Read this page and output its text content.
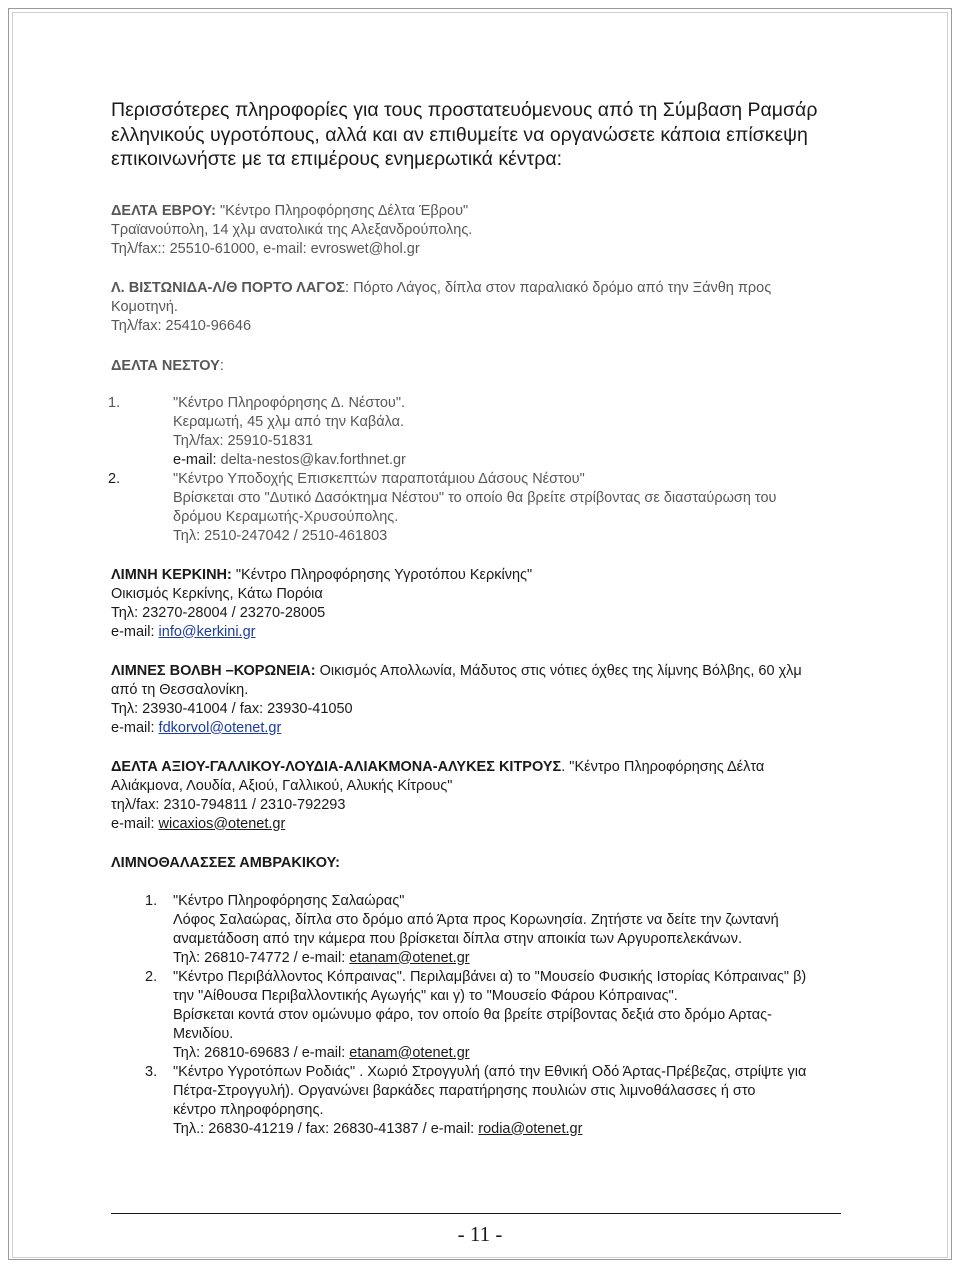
Περισσότερες πληροφορίες για τους προστατευόμενους από τη Σύμβαση Ραμσάρ
ελληνικούς υγροτόπους, αλλά και αν επιθυμείτε να οργανώσετε κάποια επίσκεψη
επικοινωνήστε με τα επιμέρους ενημερωτικά κέντρα:

ΔΕΛΤΑ ΕΒΡΟΥ: "Κέντρο Πληροφόρησης Δέλτα Έβρου"

Τραϊανούπολη, 14 χλμ ανατολικά της Αλεξανδρούπολης.

Τηλ/fax:: 25510-61000, e-mail: evroswet@hol.gr

Λ. ΒΙΣΤΩΝΙΔΑ-Λ/Θ ΠΟΡΤΟ ΛΑΓΟΣ: Πόρτο Λάγος, δίπλα στον παραλιακό δρόμο από την Ξάνθη προς

Κομοτηνή.

Τηλ/fax: 25410-96646

ΔΕΛΤΑ ΝΕΣΤΟΥ:

1.	"Κέντρο Πληροφόρησης Δ. Νέστου".

Κεραμωτή, 45 χλμ από την Καβάλα.

Τηλ/fax: 25910-51831

e-mail: delta-nestos@kav.forthnet.gr

2.	"Κέντρο Υποδοχής Επισκεπτών παραποτάμιου Δάσους Νέστου"

Βρίσκεται στο "Δυτικό Δασόκτημα Νέστου" το οποίο θα βρείτε στρίβοντας σε διασταύρωση του

δρόμου Κεραμωτής-Χρυσούπολης.

Τηλ: 2510-247042 / 2510-461803

ΛΙΜΝΗ ΚΕΡΚΙΝΗ: "Κέντρο Πληροφόρησης Υγροτόπου Κερκίνης"

Οικισμός Κερκίνης, Κάτω Πορόια

Τηλ: 23270-28004 / 23270-28005

e-mail: info@kerkini.gr

ΛΙΜΝΕΣ ΒΟΛΒΗ –ΚΟΡΩΝΕΙΑ: Οικισμός Απολλωνία, Μάδυτος στις νότιες όχθες της λίμνης Βόλβης, 60 χλμ

από τη Θεσσαλονίκη.

Τηλ: 23930-41004 / fax: 23930-41050

e-mail: fdkorvol@otenet.gr

ΔΕΛΤΑ ΑΞΙΟΥ-ΓΑΛΛΙΚΟΥ-ΛΟΥΔΙΑ-ΑΛΙΑΚΜΟΝΑ-ΑΛΥΚΕΣ ΚΙΤΡΟΥΣ. "Κέντρο Πληροφόρησης Δέλτα

Αλιάκμονα, Λουδία, Αξιού, Γαλλικού, Αλυκής Κίτρους"

τηλ/fax: 2310-794811 / 2310-792293

e-mail: wicaxios@otenet.gr

ΛΙΜΝΟΘΑΛΑΣΣΕΣ ΑΜΒΡΑΚΙΚΟΥ:

1. "Κέντρο Πληροφόρησης Σαλαώρας"

Λόφος Σαλαώρας, δίπλα στο δρόμο από Άρτα προς Κορωνησία. Ζητήστε να δείτε την ζωντανή

αναμετάδοση από την κάμερα που βρίσκεται δίπλα στην αποικία των Αργυροπελεκάνων.

Τηλ: 26810-74772 / e-mail: etanam@otenet.gr

2. "Κέντρο Περιβάλλοντος Κόπραινας". Περιλαμβάνει α) το "Μουσείο Φυσικής Ιστορίας Κόπραινας" β)

την "Αίθουσα Περιβαλλοντικής Αγωγής" και γ) το "Μουσείο Φάρου Κόπραινας".

Βρίσκεται κοντά στον ομώνυμο φάρο, τον οποίο θα βρείτε στρίβοντας δεξιά στο δρόμο Αρτας-

Μενιδίου.

Τηλ: 26810-69683 / e-mail: etanam@otenet.gr

3. "Κέντρο Υγροτόπων Ροδιάς" . Χωριό Στρογγυλή (από την Εθνική Οδό Άρτας-Πρέβεζας, στρίψτε για

Πέτρα-Στρογγυλή). Οργανώνει βαρκάδες παρατήρησης πουλιών στις λιμνοθάλασσες ή στο

κέντρο πληροφόρησης.

Τηλ.: 26830-41219 / fax: 26830-41387 / e-mail: rodia@otenet.gr

- 11 -
